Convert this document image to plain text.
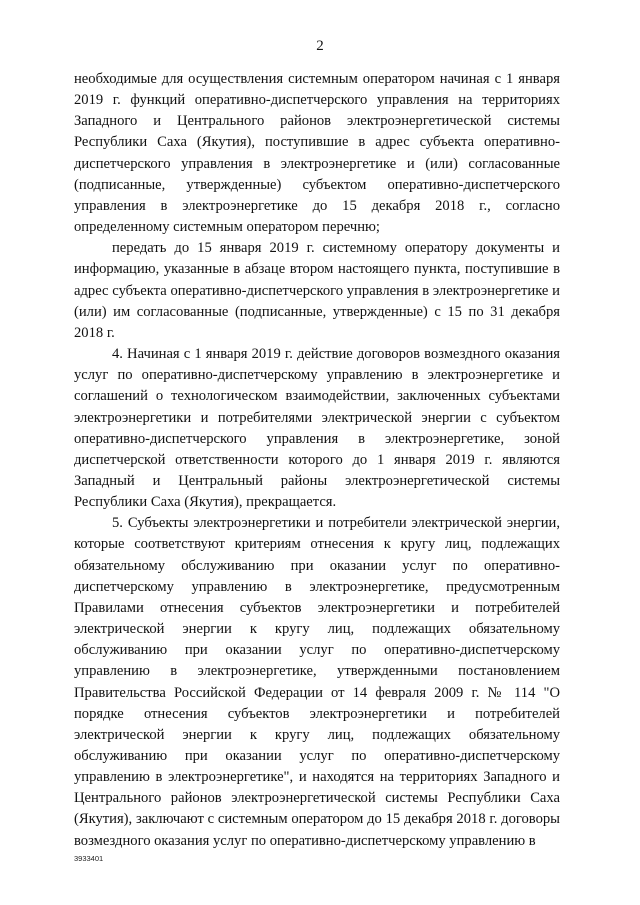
2

необходимые для осуществления системным оператором начиная с 1 января 2019 г. функций оперативно-диспетчерского управления на территориях Западного и Центрального районов электроэнергетической системы Республики Саха (Якутия), поступившие в адрес субъекта оперативно-диспетчерского управления в электроэнергетике и (или) согласованные (подписанные, утвержденные) субъектом оперативно-диспетчерского управления в электроэнергетике до 15 декабря 2018 г., согласно определенному системным оператором перечню;

передать до 15 января 2019 г. системному оператору документы и информацию, указанные в абзаце втором настоящего пункта, поступившие в адрес субъекта оперативно-диспетчерского управления в электроэнергетике и (или) им согласованные (подписанные, утвержденные) с 15 по 31 декабря 2018 г.

4. Начиная с 1 января 2019 г. действие договоров возмездного оказания услуг по оперативно-диспетчерскому управлению в электроэнергетике и соглашений о технологическом взаимодействии, заключенных субъектами электроэнергетики и потребителями электрической энергии с субъектом оперативно-диспетчерского управления в электроэнергетике, зоной диспетчерской ответственности которого до 1 января 2019 г. являются Западный и Центральный районы электроэнергетической системы Республики Саха (Якутия), прекращается.

5. Субъекты электроэнергетики и потребители электрической энергии, которые соответствуют критериям отнесения к кругу лиц, подлежащих обязательному обслуживанию при оказании услуг по оперативно-диспетчерскому управлению в электроэнергетике, предусмотренным Правилами отнесения субъектов электроэнергетики и потребителей электрической энергии к кругу лиц, подлежащих обязательному обслуживанию при оказании услуг по оперативно-диспетчерскому управлению в электроэнергетике, утвержденными постановлением Правительства Российской Федерации от 14 февраля 2009 г. № 114 "О порядке отнесения субъектов электроэнергетики и потребителей электрической энергии к кругу лиц, подлежащих обязательному обслуживанию при оказании услуг по оперативно-диспетчерскому управлению в электроэнергетике", и находятся на территориях Западного и Центрального районов электроэнергетической системы Республики Саха (Якутия), заключают с системным оператором до 15 декабря 2018 г. договоры возмездного оказания услуг по оперативно-диспетчерскому управлению в

3933401
